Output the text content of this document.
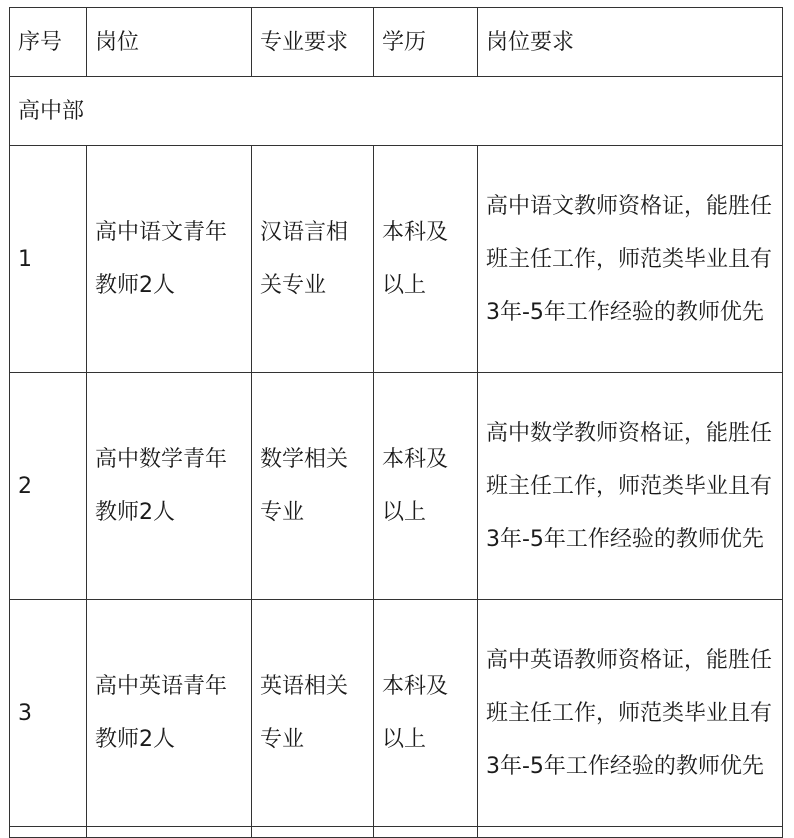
序号	岗位	专业要求	学历	岗位要求
高中部				
1	高中语文青年教师2人	汉语言相关专业	本科及以上	高中语文教师资格证，能胜任班主任工作，师范类毕业且有3年-5年工作经验的教师优先
2	高中数学青年教师2人	数学相关专业	本科及以上	高中数学教师资格证，能胜任班主任工作，师范类毕业且有3年-5年工作经验的教师优先
3	高中英语青年教师2人	英语相关专业	本科及以上	高中英语教师资格证，能胜任班主任工作，师范类毕业且有3年-5年工作经验的教师优先
